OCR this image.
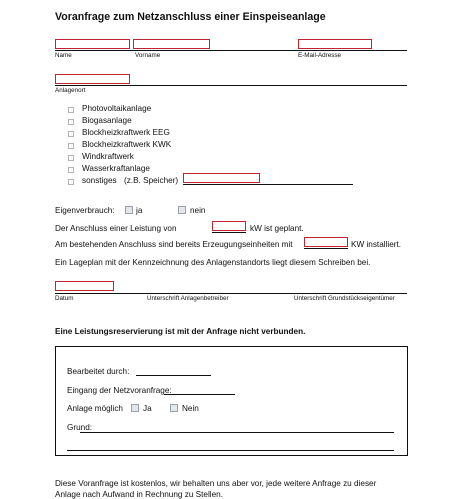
Voranfrage zum Netzanschluss einer Einspeiseanlage
Name	Vorname	E-Mail-Adresse
Anlagenort
Photovoltaikanlage
Biogasanlage
Blockheizkraftwerk EEG
Blockheizkraftwerk KWK
Windkraftwerk
Wasserkraftanlage
sonstiges (z.B. Speicher)
Eigenverbrauch:	ja	nein
Der Anschluss einer Leistung von	kW ist geplant.
Am bestehenden Anschluss sind bereits Erzeugungseinheiten mit	KW installiert.
Ein Lageplan mit der Kennzeichnung des Anlagenstandorts liegt diesem Schreiben bei.
Datum	Unterschrift Anlagenbetreiber	Unterschrift Grundstückseigentümer
Eine Leistungsreservierung ist mit der Anfrage nicht verbunden.
Bearbeitet durch:
Eingang der Netzvoranfrage:
Anlage möglich Ja	Nein
Grund:
Diese Voranfrage ist kostenlos, wir behalten uns aber vor, jede weitere Anfrage zu dieser
Anlage nach Aufwand in Rechnung zu Stellen.
